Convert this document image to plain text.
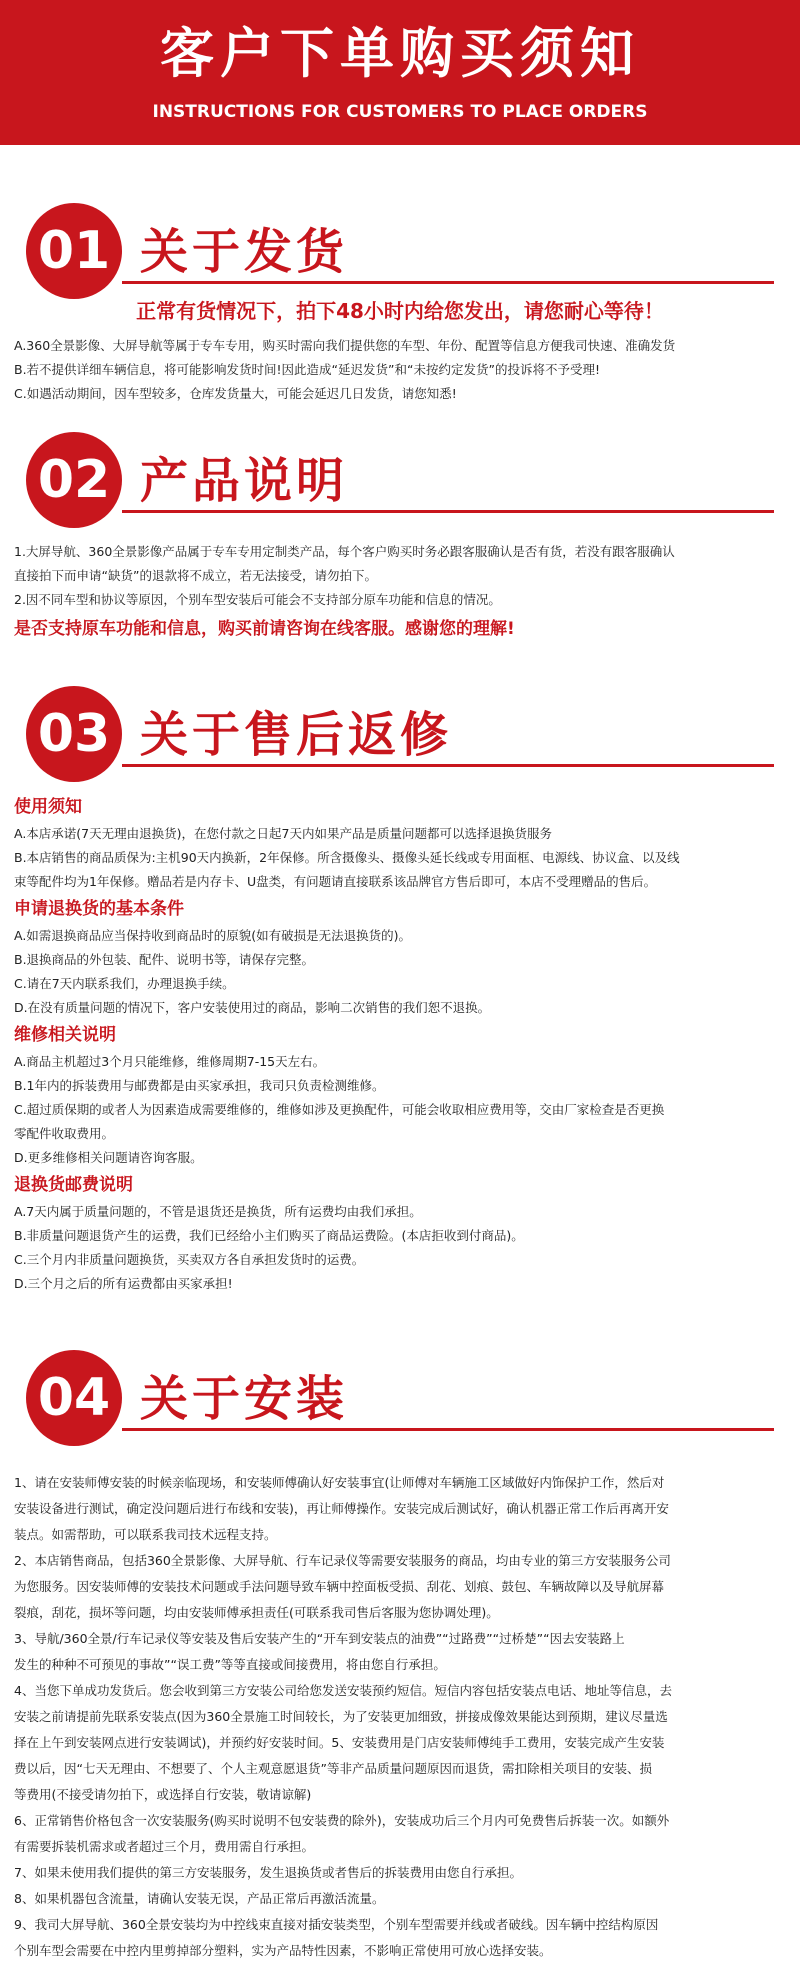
客户下单购买须知
INSTRUCTIONS FOR CUSTOMERS TO PLACE ORDERS
01 关于发货
正常有货情况下，拍下48小时内给您发出，请您耐心等待！
A.360全景影像、大屏导航等属于专车专用，购买时需向我们提供您的车型、年份、配置等信息方便我司快速、准确发货
B.若不提供详细车辆信息，将可能影响发货时间!因此造成“延迟发货”和“未按约定发货”的投诉将不予受理!
C.如遇活动期间，因车型较多，仓库发货量大，可能会延迟几日发货，请您知悉!
02 产品说明
1.大屏导航、360全景影像产品属于专车专用定制类产品，每个客户购买时务必跟客服确认是否有货，若没有跟客服确认
直接拍下而申请“缺货”的退款将不成立，若无法接受，请勿拍下。
2.因不同车型和协议等原因，个别车型安装后可能会不支持部分原车功能和信息的情况。
是否支持原车功能和信息，购买前请咨询在线客服。感谢您的理解!
03 关于售后返修
使用须知
A.本店承诺(7天无理由退换货)，在您付款之日起7天内如果产品是质量问题都可以选择退换货服务
B.本店销售的商品质保为:主机90天内换新，2年保修。所含摄像头、摄像头延长线或专用面框、电源线、协议盒、以及线
束等配件均为1年保修。赠品若是内存卡、U盘类，有问题请直接联系该品牌官方售后即可，本店不受理赠品的售后。
申请退换货的基本条件
A.如需退换商品应当保持收到商品时的原貌(如有破损是无法退换货的)。
B.退换商品的外包装、配件、说明书等，请保存完整。
C.请在7天内联系我们，办理退换手续。
D.在没有质量问题的情况下，客户安装使用过的商品，影响二次销售的我们恕不退换。
维修相关说明
A.商品主机超过3个月只能维修，维修周期7-15天左右。
B.1年内的拆装费用与邮费都是由买家承担，我司只负责检测维修。
C.超过质保期的或者人为因素造成需要维修的，维修如涉及更换配件，可能会收取相应费用等，交由厂家检查是否更换
零配件收取费用。
D.更多维修相关问题请咨询客服。
退换货邮费说明
A.7天内属于质量问题的，不管是退货还是换货，所有运费均由我们承担。
B.非质量问题退货产生的运费，我们已经给小主们购买了商品运费险。(本店拒收到付商品)。
C.三个月内非质量问题换货，买卖双方各自承担发货时的运费。
D.三个月之后的所有运费都由买家承担!
04 关于安装
1、请在安装师傅安装的时候亲临现场，和安装师傅确认好安装事宜(让师傅对车辆施工区域做好内饰保护工作，然后对
安装设备进行测试，确定没问题后进行布线和安装)，再让师傅操作。安装完成后测试好，确认机器正常工作后再离开安
装点。如需帮助，可以联系我司技术远程支持。
2、本店销售商品，包括360全景影像、大屏导航、行车记录仪等需要安装服务的商品，均由专业的第三方安装服务公司
为您服务。因安装师傅的安装技术问题或手法问题导致车辆中控面板受损、刮花、划痕、鼓包、车辆故障以及导航屏幕
裂痕，刮花，损坏等问题，均由安装师傅承担责任(可联系我司售后客服为您协调处理)。
3、导航/360全景/行车记录仪等安装及售后安装产生的“开车到安装点的油费”“过路费”“过桥楚”“因去安装路上
发生的种种不可预见的事故”“误工费”等等直接或间接费用，将由您自行承担。
4、当您下单成功发货后。您会收到第三方安装公司给您发送安装预约短信。短信内容包括安装点电话、地址等信息，去
安装之前请提前先联系安装点(因为360全景施工时间较长，为了安装更加细致，拼接成像效果能达到预期，建议尽量选
择在上午到安装网点进行安装调试)，并预约好安装时间。5、安装费用是门店安装师傅纯手工费用，安装完成产生安装
费以后，因“七天无理由、不想要了、个人主观意愿退货”等非产品质量问题原因而退货，需扣除相关项目的安装、损
等费用(不接受请勿拍下，或选择自行安装，敬请谅解)
6、正常销售价格包含一次安装服务(购买时说明不包安装费的除外)，安装成功后三个月内可免费售后拆装一次。如额外
有需要拆装机需求或者超过三个月，费用需自行承担。
7、如果未使用我们提供的第三方安装服务，发生退换货或者售后的拆装费用由您自行承担。
8、如果机器包含流量，请确认安装无误，产品正常后再激活流量。
9、我司大屏导航、360全景安装均为中控线束直接对插安装类型，个别车型需要并线或者破线。因车辆中控结构原因
个别车型会需要在中控内里剪掉部分塑料，实为产品特性因素，不影响正常使用可放心选择安装。
